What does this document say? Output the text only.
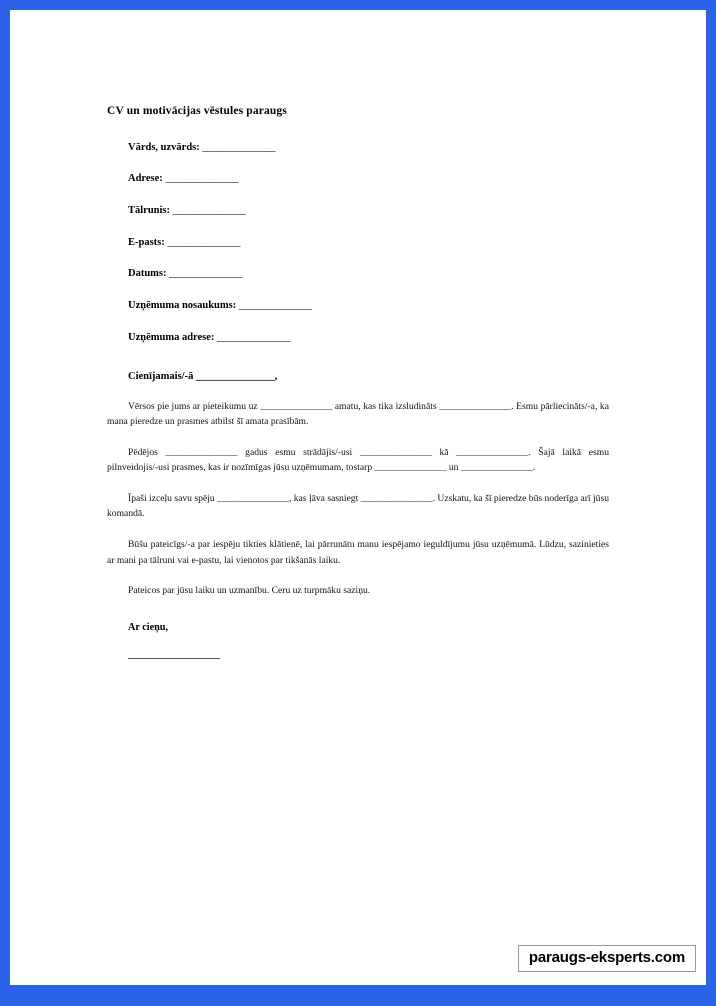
CV un motivācijas vēstules paraugs
Vārds, uzvārds: _______________
Adrese: _______________
Tālrunis: _______________
E-pasts: _______________
Datums: _______________
Uzņēmuma nosaukums: _______________
Uzņēmuma adrese: _______________

Cienījamais/-ā _______________,

Vērsos pie jums ar pieteikumu uz _______________ amatu, kas tika izsludināts _______________. Esmu pārliecināts/-a, ka mana pieredze un prasmes atbilst šī amata prasībām.

Pēdējos _______________ gadus esmu strādājis/-usi _______________ kā _______________. Šajā laikā esmu pilnveidojis/-usi prasmes, kas ir nozīmīgas jūsu uzņēmumam, tostarp _______________ un _______________.

Īpaši izceļu savu spēju _______________, kas ļāva sasniegt _______________. Uzskatu, ka šī pieredze būs noderīga arī jūsu komandā.

Būšu pateicīgs/-a par iespēju tikties klātienē, lai pārrunātu manu iespējamo ieguldījumu jūsu uzņēmumā. Lūdzu, sazinieties ar mani pa tālruni vai e-pastu, lai vienotos par tikšanās laiku.

Pateicos par jūsu laiku un uzmanību. Ceru uz turpmāku saziņu.

Ar cieņu,

paraugs-eksperts.com
